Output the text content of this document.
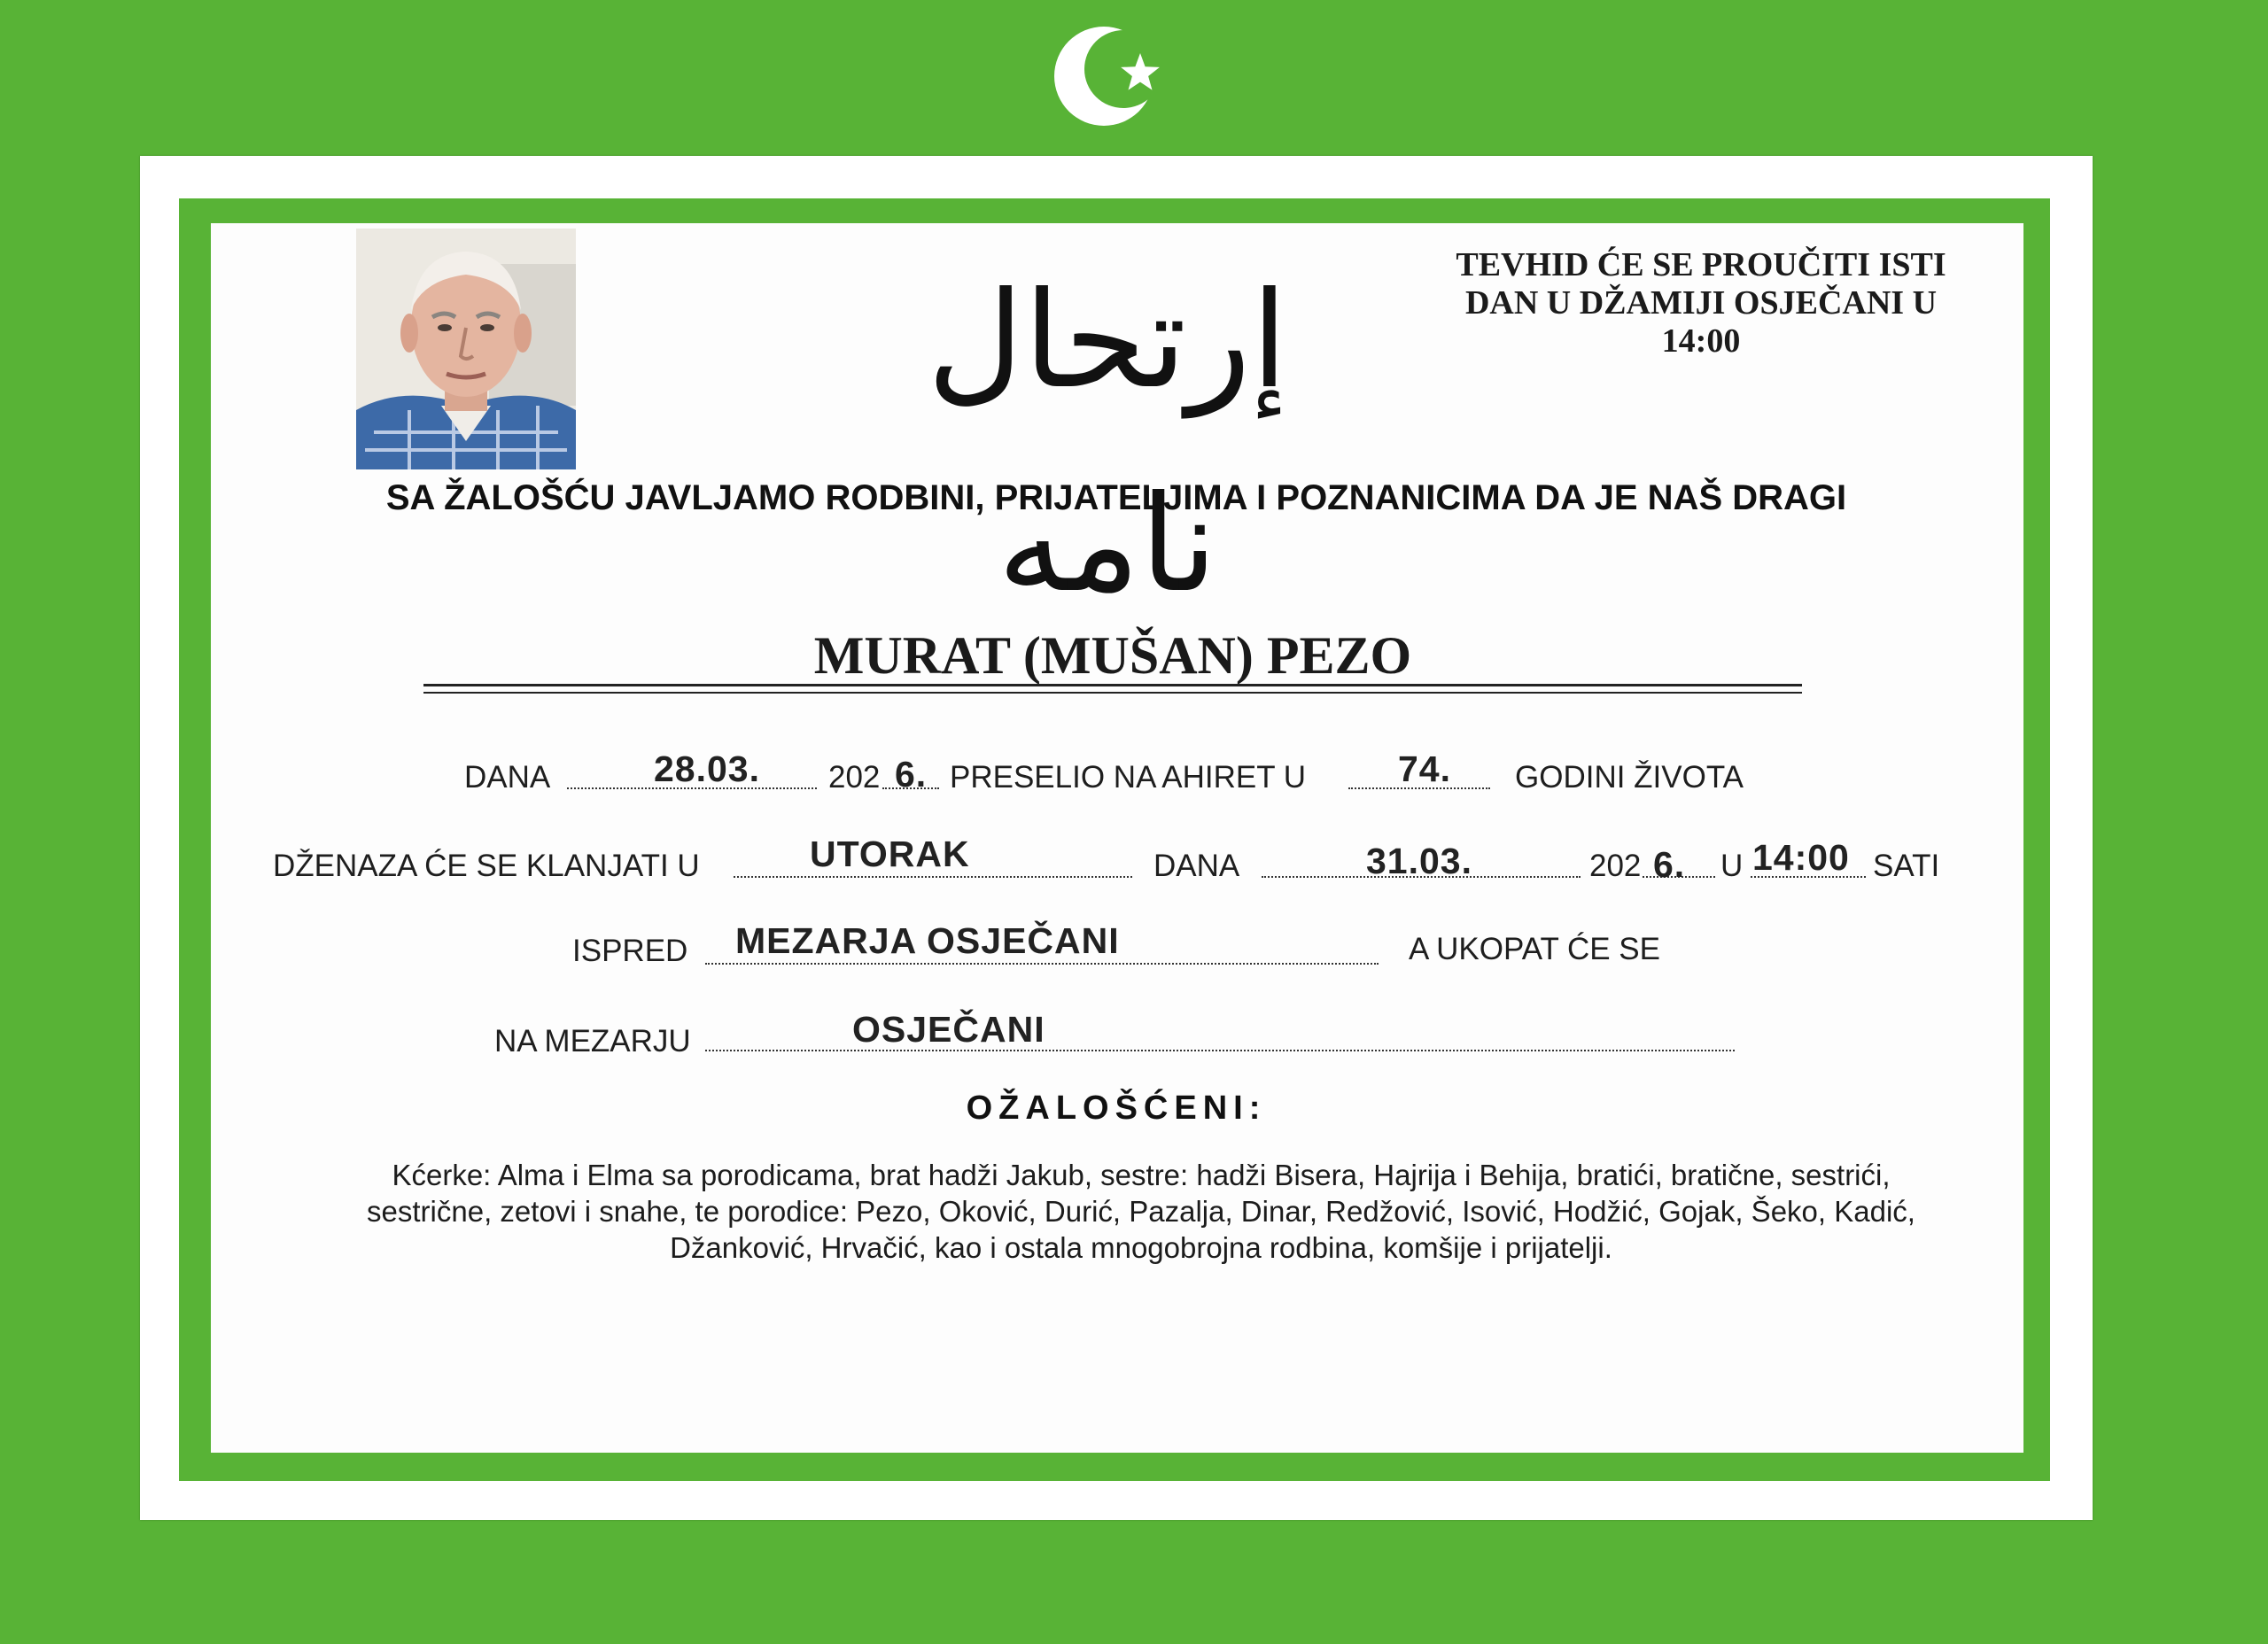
إرتحال نامه
TEVHID ĆE SE PROUČITI ISTI
DAN U DŽAMIJI OSJEČANI U
14:00
SA ŽALOŠĆU JAVLJAMO RODBINI, PRIJATELJIMA I POZNANICIMA DA JE NAŠ DRAGI
MURAT (MUŠAN) PEZO
DANA	28.03. 202 6. PRESELIO NA AHIRET U	74. GODINI ŽIVOTA
DŽENAZA ĆE SE KLANJATI U	UTORAK	DANA	31.03.	202 6. U 14:00 SATI
ISPRED MEZARJA OSJEČANI	A UKOPAT ĆE SE
NA MEZARJU	OSJEČANI
OŽALOŠĆENI:
Kćerke: Alma i Elma sa porodicama, brat hadži Jakub, sestre: hadži Bisera, Hajrija i Behija, bratići, bratične, sestrići,
sestrične, zetovi i snahe, te porodice: Pezo, Oković, Durić, Pazalja, Dinar, Redžović, Isović, Hodžić, Gojak, Šeko, Kadić,
Džanković, Hrvačić, kao i ostala mnogobrojna rodbina, komšije i prijatelji.
